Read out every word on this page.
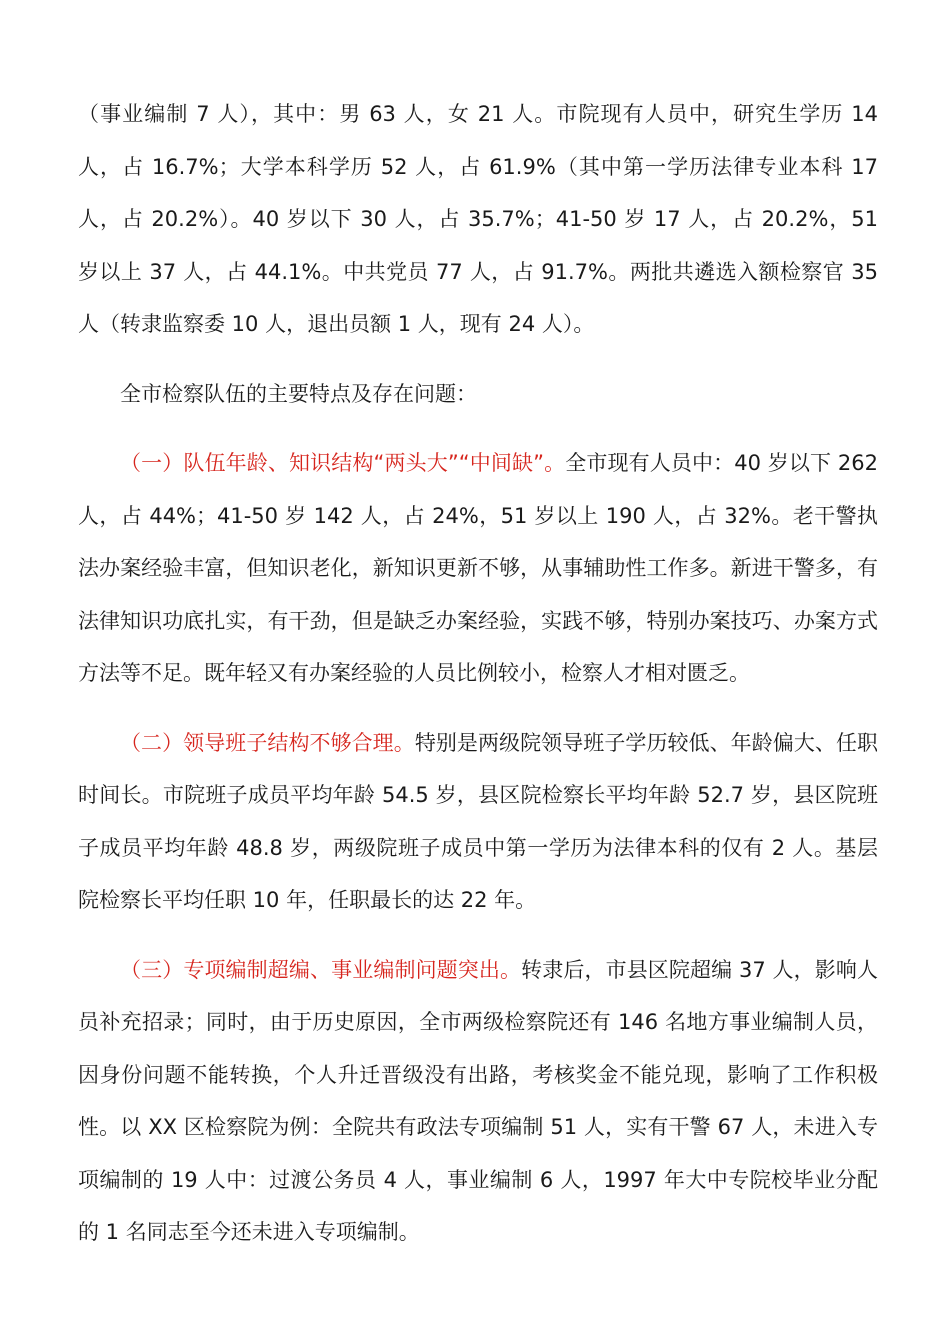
（事业编制 7 人），其中：男 63 人，女 21 人。市院现有人员中，研究生学历 14 人，占 16.7%；大学本科学历 52 人，占 61.9%（其中第一学历法律专业本科 17 人，占 20.2%）。40 岁以下 30 人，占 35.7%；41-50 岁 17 人，占 20.2%，51 岁以上 37 人，占 44.1%。中共党员 77 人，占 91.7%。两批共遴选入额检察官 35 人（转隶监察委 10 人，退出员额 1 人，现有 24 人）。

全市检察队伍的主要特点及存在问题：

（一）队伍年龄、知识结构“两头大”“中间缺”。全市现有人员中：40 岁以下 262 人，占 44%；41-50 岁 142 人，占 24%，51 岁以上 190 人，占 32%。老干警执法办案经验丰富，但知识老化，新知识更新不够，从事辅助性工作多。新进干警多，有法律知识功底扎实，有干劲，但是缺乏办案经验，实践不够，特别办案技巧、办案方式方法等不足。既年轻又有办案经验的人员比例较小，检察人才相对匮乏。

（二）领导班子结构不够合理。特别是两级院领导班子学历较低、年龄偏大、任职时间长。市院班子成员平均年龄 54.5 岁，县区院检察长平均年龄 52.7 岁，县区院班子成员平均年龄 48.8 岁，两级院班子成员中第一学历为法律本科的仅有 2 人。基层院检察长平均任职 10 年，任职最长的达 22 年。

（三）专项编制超编、事业编制问题突出。转隶后，市县区院超编 37 人，影响人员补充招录；同时，由于历史原因，全市两级检察院还有 146 名地方事业编制人员，因身份问题不能转换，个人升迁晋级没有出路，考核奖金不能兑现，影响了工作积极性。以 XX 区检察院为例：全院共有政法专项编制 51 人，实有干警 67 人，未进入专项编制的 19 人中：过渡公务员 4 人，事业编制 6 人，1997 年大中专院校毕业分配的 1 名同志至今还未进入专项编制。
